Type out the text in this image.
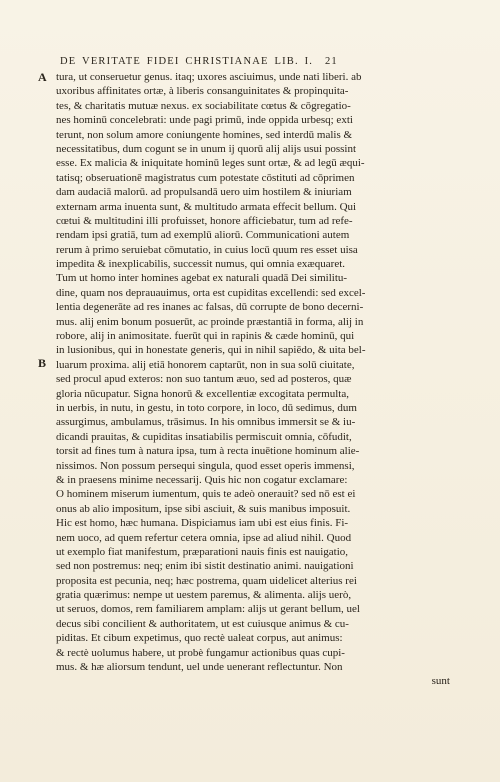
DE VERITATE FIDEI CHRISTIANAE LIB. I. 21
A
B
tura, ut conseruetur genus. itaq; uxores asciuimus, unde nati liberi. ab
uxoribus affinitates ortæ, à liberis consanguinitates & propinquita-
tes, & charitatis mutuæ nexus. ex sociabilitate cœtus & cōgregatio-
nes hominū concelebrati: unde pagi primū, inde oppida urbesq; exti
terunt, non solum amore coniungente homines, sed interdū malis &
necessitatibus, dum cogunt se in unum ij quorū alij alijs usui possint
esse. Ex malicia & iniquitate hominū leges sunt ortæ, & ad legū æqui-
tatisq; obseruationē magistratus cum potestate cōstituti ad cōprimen
dam audaciā malorū. ad propulsandā uero uim hostilem & iniuriam
externam arma inuenta sunt, & multitudo armata effecit bellum. Qui
cœtui & multitudini illi profuisset, honore afficiebatur, tum ad refe-
rendam ipsi gratiā, tum ad exemplū aliorū. Communicationi autem
rerum à primo seruiebat cōmutatio, in cuius locū quum res esset uisa
impedita & inexplicabilis, successit numus, qui omnia exæquaret.
Tum ut homo inter homines agebat ex naturali quadā Dei similitu-
dine, quam nos deprauauimus, orta est cupiditas excellendi: sed excel-
lentia degenerāte ad res inanes ac falsas, dū corrupte de bono decerni-
mus. alij enim bonum posuerūt, ac proinde præstantiā in forma, alij in
robore, alij in animositate. fuerūt qui in rapinis & cæde hominū, qui
in lusionibus, qui in honestate generis, qui in nihil sapiēdo, & uita bel-
luarum proxima. alij etiā honorem captarūt, non in sua solū ciuitate,
sed procul apud exteros: non suo tantum æuo, sed ad posteros, quæ
gloria nūcupatur. Signa honorū & excellentiæ excogitata permulta,
in uerbis, in nutu, in gestu, in toto corpore, in loco, dū sedimus, dum
assurgimus, ambulamus, trāsimus. In his omnibus immersit se & iu-
dicandi prauitas, & cupiditas insatiabilis permiscuit omnia, cōfudit,
torsit ad fines tum à natura ipsa, tum à recta inuētione hominum alie-
nissimos. Non possum persequi singula, quod esset operis immensi,
& in praesens minime necessarij. Quis hic non cogatur exclamare:
O hominem miserum iumentum, quis te adeò onerauit? sed nō est ei
onus ab alio impositum, ipse sibi asciuit, & suis manibus imposuit.
Hic est homo, hæc humana. Dispiciamus iam ubi est eius finis. Fi-
nem uoco, ad quem refertur cetera omnia, ipse ad aliud nihil. Quod
ut exemplo fiat manifestum, præparationi nauis finis est nauigatio,
sed non postremus: neq; enim ibi sistit destinatio animi. nauigationi
proposita est pecunia, neq; hæc postrema, quam uidelicet alterius rei
gratia quærimus: nempe ut uestem paremus, & alimenta. alijs uerò,
ut seruos, domos, rem familiarem amplam: alijs ut gerant bellum, uel
decus sibi concilient & authoritatem, ut est cuiusque animus & cu-
piditas. Et cibum expetimus, quo rectè ualeat corpus, aut animus:
& rectè uolumus habere, ut probè fungamur actionibus quas cupi-
mus. & hæ aliorsum tendunt, uel unde uenerant reflectuntur. Non
sunt
